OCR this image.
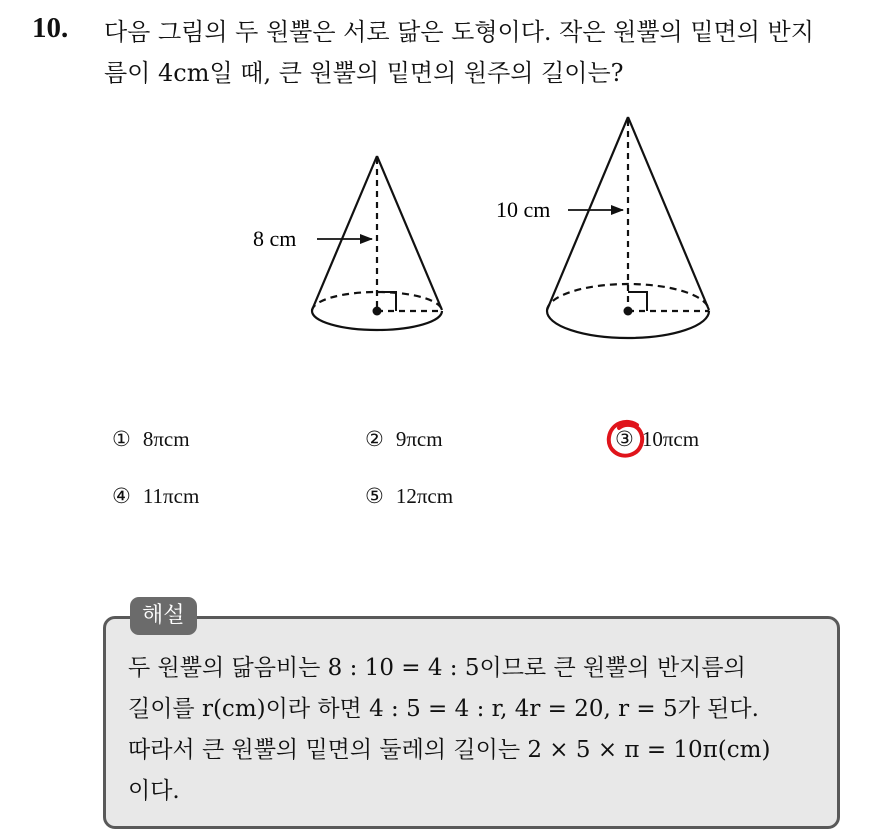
10. 다음 그림의 두 원뿔은 서로 닮은 도형이다. 작은 원뿔의 밑면의 반지
름이 4cm일 때, 큰 원뿔의 밑면의 원주의 길이는?
8 cm
10 cm
① 8πcm	② 9πcm	③ 10πcm
④ 11πcm	⑤ 12πcm
해설
두 원뿔의 닮음비는 8 : 10 = 4 : 5이므로 큰 원뿔의 반지름의
길이를 r(cm)이라 하면 4 : 5 = 4 : r, 4r = 20, r = 5가 된다.
따라서 큰 원뿔의 밑면의 둘레의 길이는 2 × 5 × π = 10π(cm)
이다.
